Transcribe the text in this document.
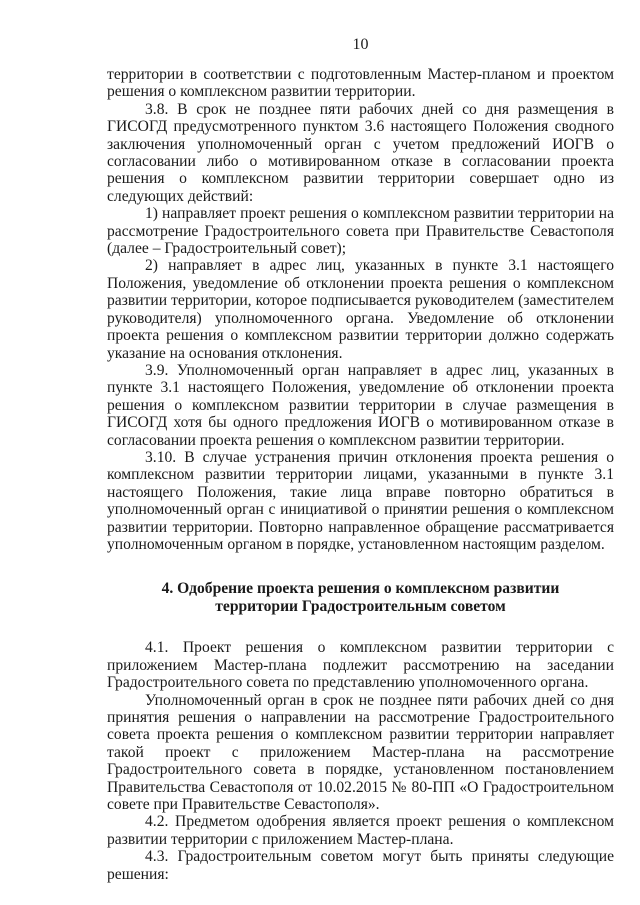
10

территории в соответствии с подготовленным Мастер-планом и проектом решения о комплексном развитии территории.

3.8. В срок не позднее пяти рабочих дней со дня размещения в ГИСОГД предусмотренного пунктом 3.6 настоящего Положения сводного заключения уполномоченный орган с учетом предложений ИОГВ о согласовании либо о мотивированном отказе в согласовании проекта решения о комплексном развитии территории совершает одно из следующих действий:

1) направляет проект решения о комплексном развитии территории на рассмотрение Градостроительного совета при Правительстве Севастополя (далее – Градостроительный совет);

2) направляет в адрес лиц, указанных в пункте 3.1 настоящего Положения, уведомление об отклонении проекта решения о комплексном развитии территории, которое подписывается руководителем (заместителем руководителя) уполномоченного органа. Уведомление об отклонении проекта решения о комплексном развитии территории должно содержать указание на основания отклонения.

3.9. Уполномоченный орган направляет в адрес лиц, указанных в пункте 3.1 настоящего Положения, уведомление об отклонении проекта решения о комплексном развитии территории в случае размещения в ГИСОГД хотя бы одного предложения ИОГВ о мотивированном отказе в согласовании проекта решения о комплексном развитии территории.

3.10. В случае устранения причин отклонения проекта решения о комплексном развитии территории лицами, указанными в пункте 3.1 настоящего Положения, такие лица вправе повторно обратиться в уполномоченный орган с инициативой о принятии решения о комплексном развитии территории. Повторно направленное обращение рассматривается уполномоченным органом в порядке, установленном настоящим разделом.

4. Одобрение проекта решения о комплексном развитии
территории Градостроительным советом

4.1. Проект решения о комплексном развитии территории с приложением Мастер-плана подлежит рассмотрению на заседании Градостроительного совета по представлению уполномоченного органа.

Уполномоченный орган в срок не позднее пяти рабочих дней со дня принятия решения о направлении на рассмотрение Градостроительного совета проекта решения о комплексном развитии территории направляет такой проект с приложением Мастер-плана на рассмотрение Градостроительного совета в порядке, установленном постановлением Правительства Севастополя от 10.02.2015 № 80-ПП «О Градостроительном совете при Правительстве Севастополя».

4.2. Предметом одобрения является проект решения о комплексном развитии территории с приложением Мастер-плана.

4.3. Градостроительным советом могут быть приняты следующие решения:
